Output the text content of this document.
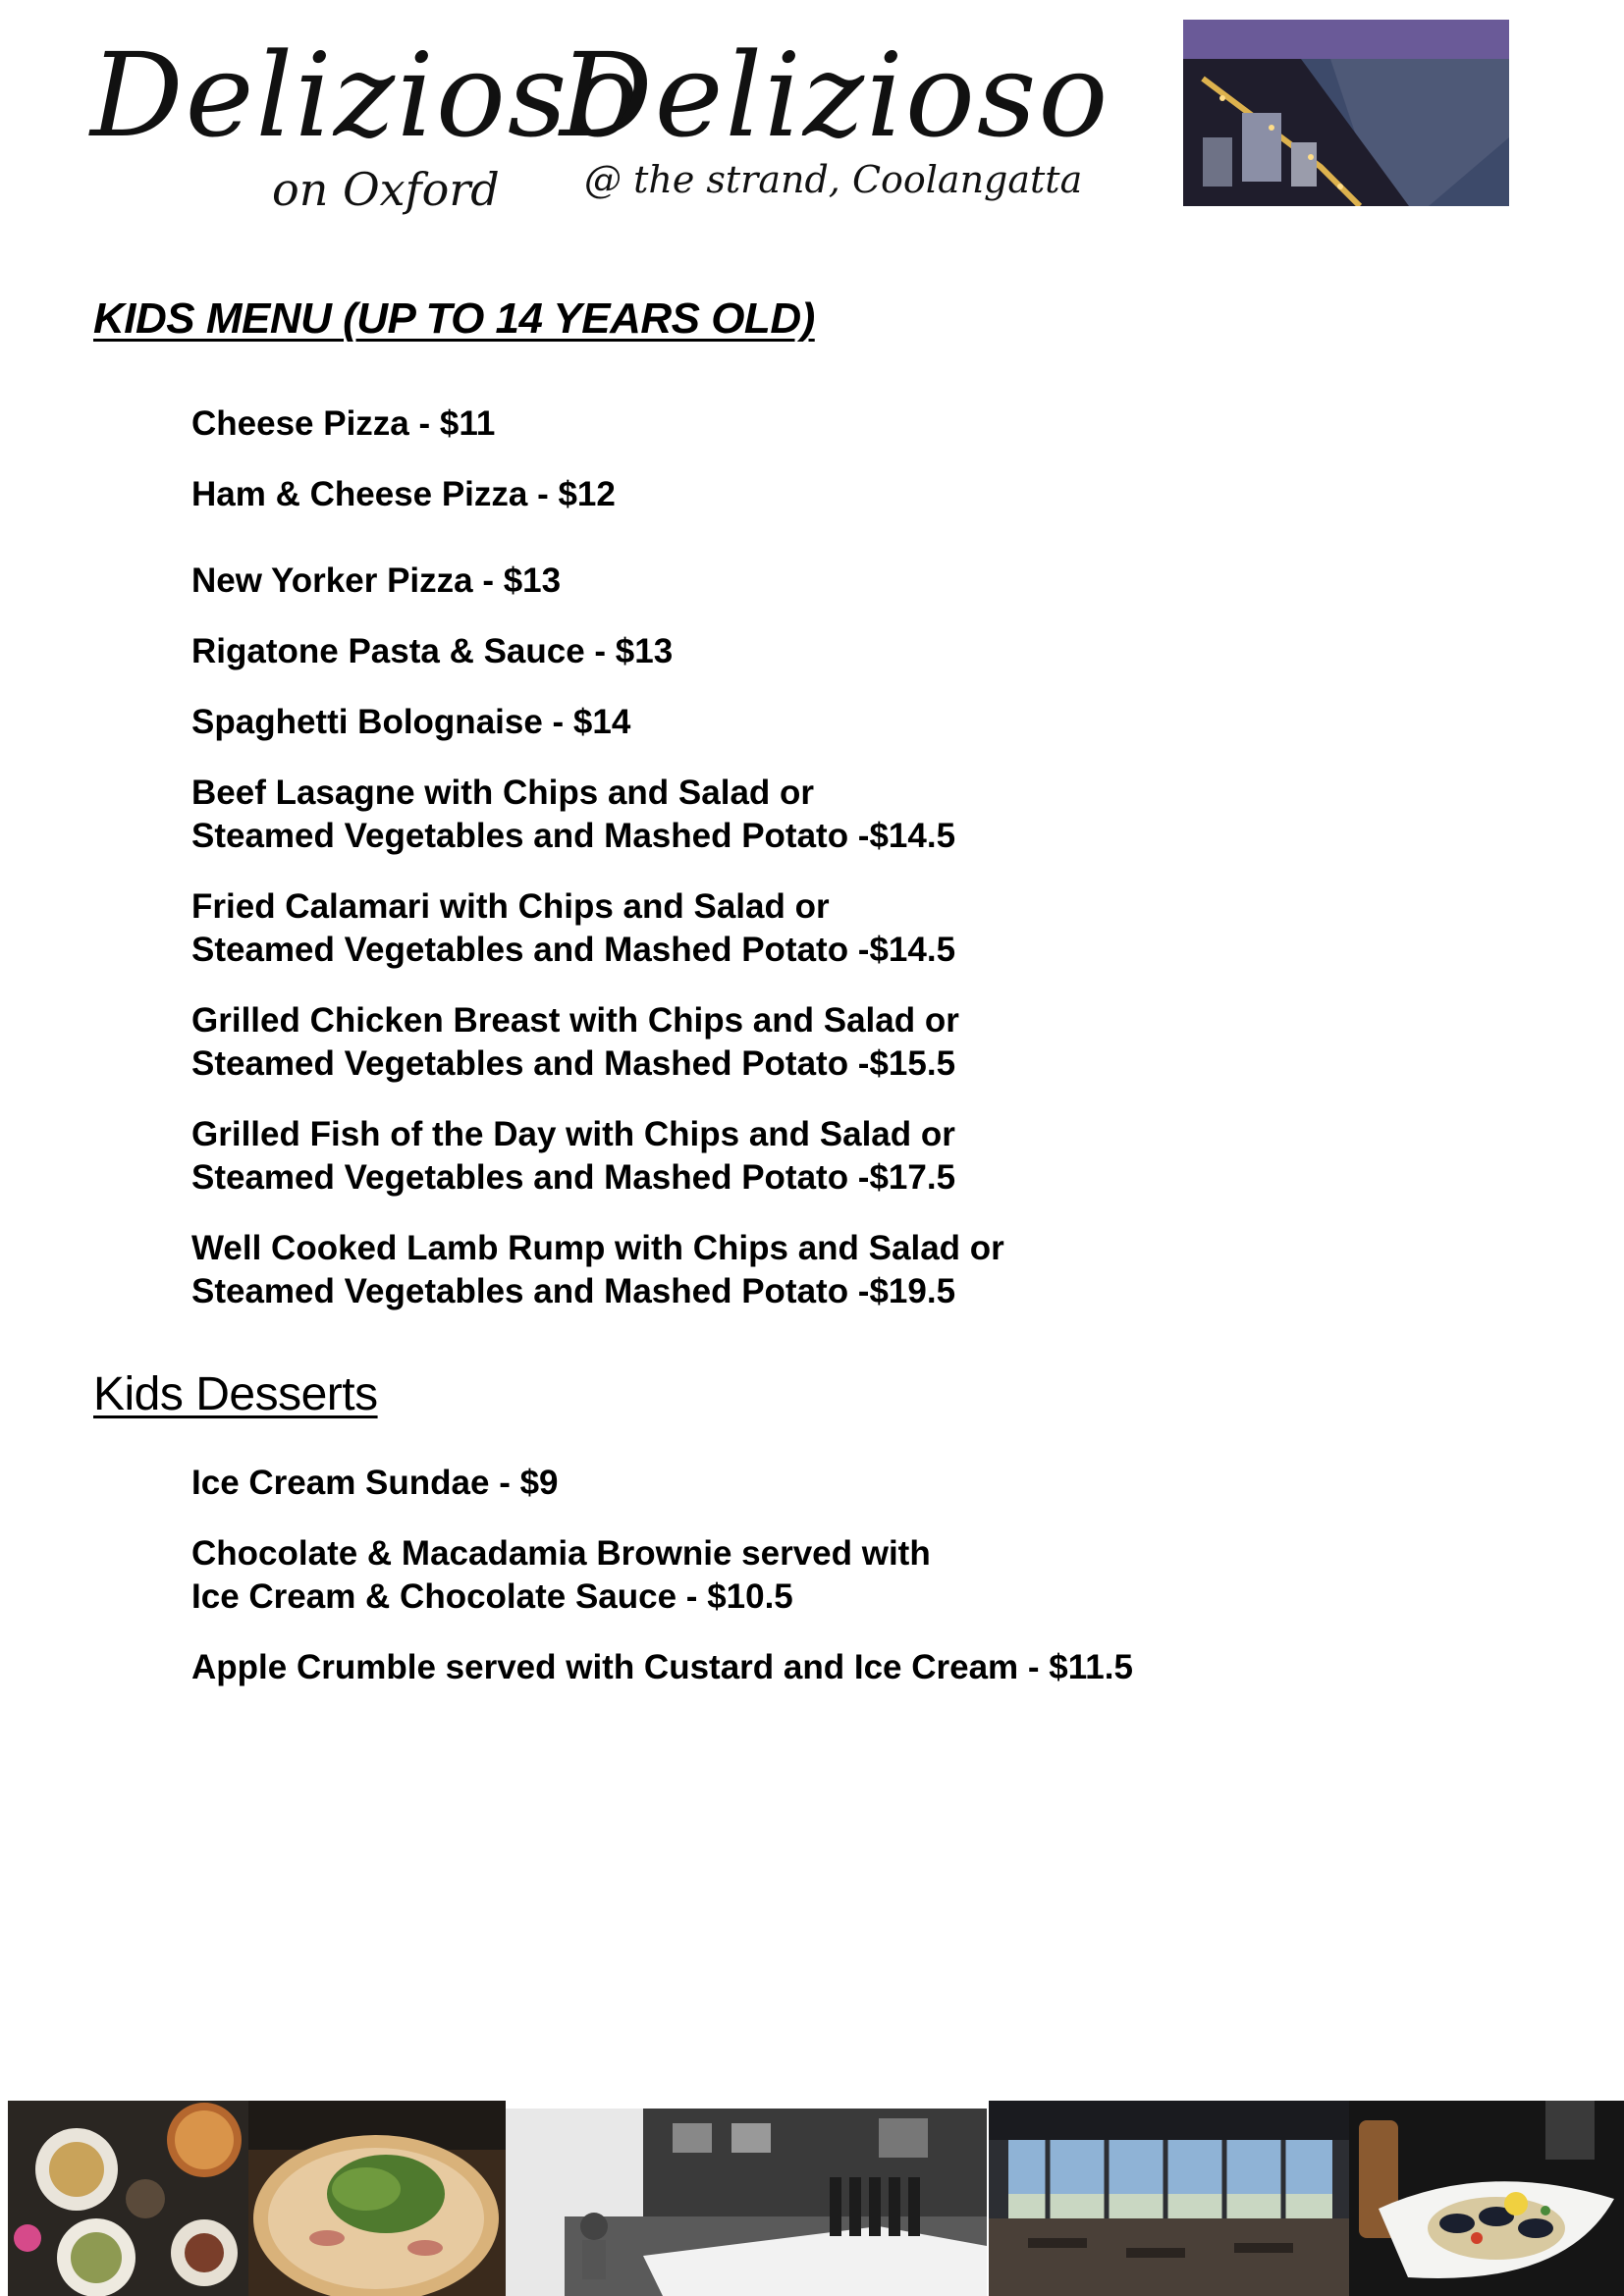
Delizioso
on Oxford
Delizioso
@ the strand, Coolangatta
KIDS MENU (UP TO 14 YEARS OLD)
Cheese Pizza - $11
Ham & Cheese Pizza - $12
New Yorker Pizza - $13
Rigatone Pasta & Sauce - $13
Spaghetti Bolognaise - $14
Beef Lasagne with Chips and Salad or
Steamed Vegetables and Mashed Potato -$14.5
Fried Calamari with Chips and Salad or
Steamed Vegetables and Mashed Potato -$14.5
Grilled Chicken Breast with Chips and Salad or
Steamed Vegetables and Mashed Potato -$15.5
Grilled Fish of the Day with Chips and Salad or
Steamed Vegetables and Mashed Potato -$17.5
Well Cooked Lamb Rump with Chips and Salad or
Steamed Vegetables and Mashed Potato -$19.5
Kids Desserts
Ice Cream Sundae - $9
Chocolate & Macadamia Brownie served with
Ice Cream & Chocolate Sauce - $10.5
Apple Crumble served with Custard and Ice Cream - $11.5
